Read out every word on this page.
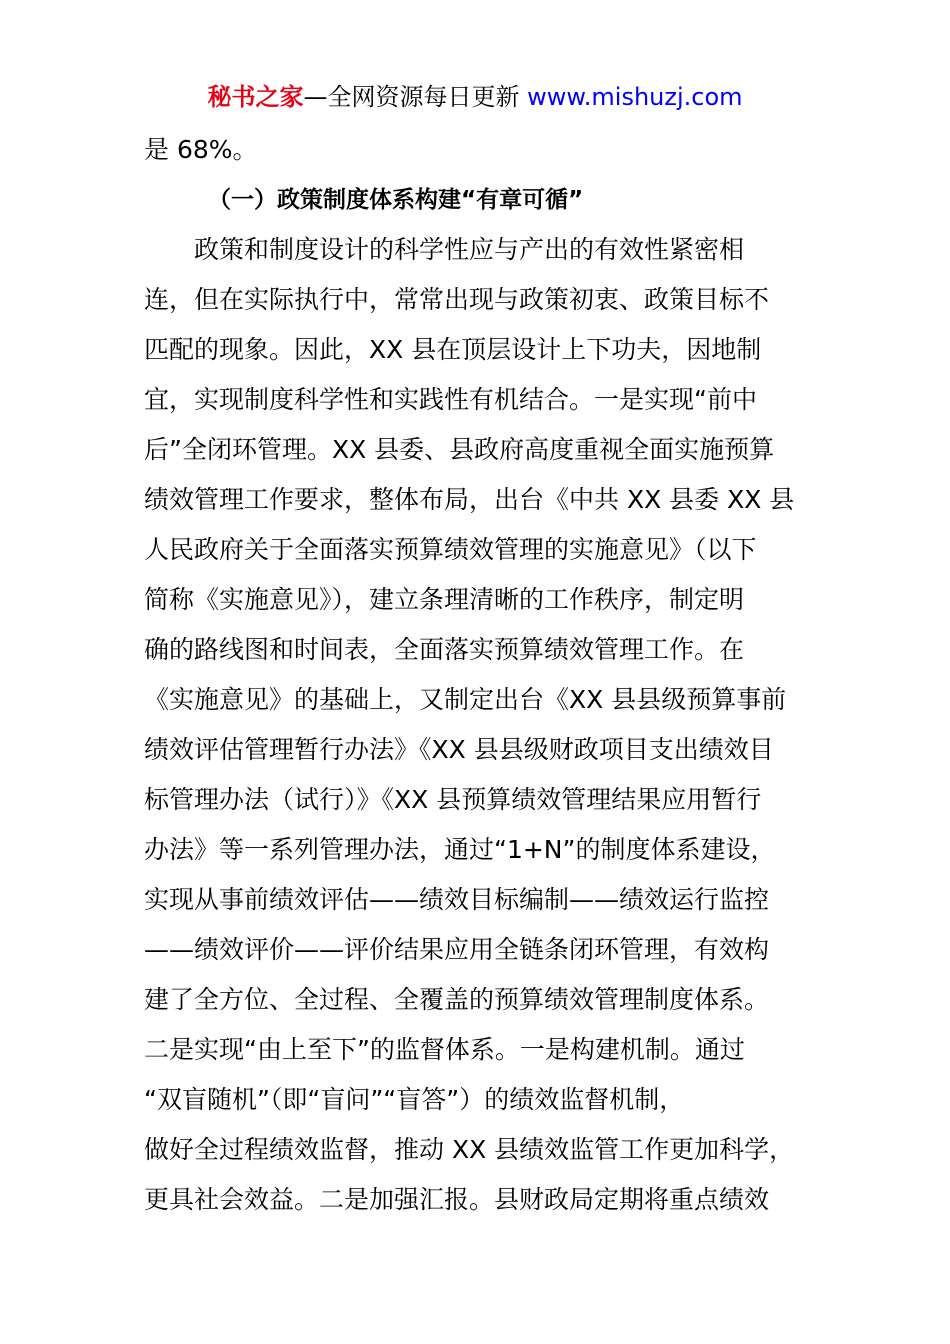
秘书之家—全网资源每日更新 www.mishuzj.com
是 68%。
（一）政策制度体系构建“有章可循”
　　政策和制度设计的科学性应与产出的有效性紧密相
连，但在实际执行中，常常出现与政策初衷、政策目标不
匹配的现象。因此，XX 县在顶层设计上下功夫，因地制
宜，实现制度科学性和实践性有机结合。一是实现“前中
后”全闭环管理。XX 县委、县政府高度重视全面实施预算
绩效管理工作要求，整体布局，出台《中共 XX 县委 XX 县
人民政府关于全面落实预算绩效管理的实施意见》（以下
简称《实施意见》），建立条理清晰的工作秩序，制定明
确的路线图和时间表，全面落实预算绩效管理工作。在
《实施意见》的基础上，又制定出台《XX 县县级预算事前
绩效评估管理暂行办法》《XX 县县级财政项目支出绩效目
标管理办法（试行）》《XX 县预算绩效管理结果应用暂行
办法》等一系列管理办法，通过“1+N”的制度体系建设，
实现从事前绩效评估——绩效目标编制——绩效运行监控
——绩效评价——评价结果应用全链条闭环管理，有效构
建了全方位、全过程、全覆盖的预算绩效管理制度体系。
二是实现“由上至下”的监督体系。一是构建机制。通过
“双盲随机”（即“盲问”“盲答”）的绩效监督机制，
做好全过程绩效监督，推动 XX 县绩效监管工作更加科学，
更具社会效益。二是加强汇报。县财政局定期将重点绩效
